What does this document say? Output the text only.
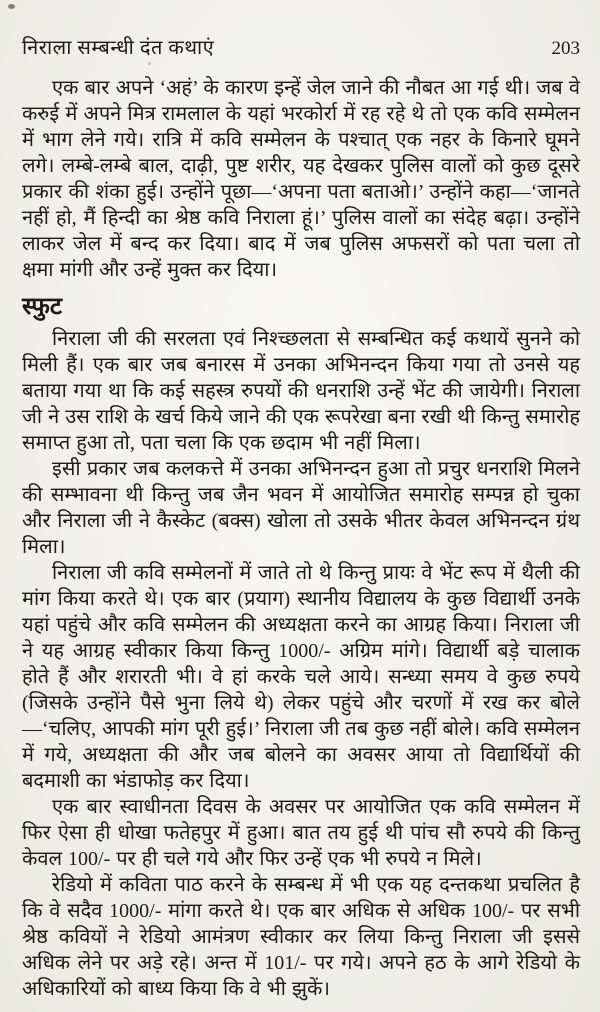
निराला सम्बन्धी दंत कथाएं	203

एक बार अपने ‘अहं’ के कारण इन्हें जेल जाने की नौबत आ गई थी। जब वे करुई में अपने मित्र रामलाल के यहां भरकोर्रा में रह रहे थे तो एक कवि सम्मेलन में भाग लेने गये। रात्रि में कवि सम्मेलन के पश्चात् एक नहर के किनारे घूमने लगे। लम्बे-लम्बे बाल, दाढ़ी, पुष्ट शरीर, यह देखकर पुलिस वालों को कुछ दूसरे प्रकार की शंका हुई। उन्होंने पूछा—‘अपना पता बताओ।’ उन्होंने कहा—‘जानते नहीं हो, मैं हिन्दी का श्रेष्ठ कवि निराला हूं।’ पुलिस वालों का संदेह बढ़ा। उन्होंने लाकर जेल में बन्द कर दिया। बाद में जब पुलिस अफसरों को पता चला तो क्षमा मांगी और उन्हें मुक्त कर दिया।

स्फुट

निराला जी की सरलता एवं निश्च्छलता से सम्बन्धित कई कथायें सुनने को मिली हैं। एक बार जब बनारस में उनका अभिनन्दन किया गया तो उनसे यह बताया गया था कि कई सहस्त्र रुपयों की धनराशि उन्हें भेंट की जायेगी। निराला जी ने उस राशि के खर्च किये जाने की एक रूपरेखा बना रखी थी किन्तु समारोह समाप्त हुआ तो, पता चला कि एक छदाम भी नहीं मिला।

इसी प्रकार जब कलकत्ते में उनका अभिनन्दन हुआ तो प्रचुर धनराशि मिलने की सम्भावना थी किन्तु जब जैन भवन में आयोजित समारोह सम्पन्न हो चुका और निराला जी ने कैस्केट (बक्स) खोला तो उसके भीतर केवल अभिनन्दन ग्रंथ मिला।

निराला जी कवि सम्मेलनों में जाते तो थे किन्तु प्रायः वे भेंट रूप में थैली की मांग किया करते थे। एक बार (प्रयाग) स्थानीय विद्यालय के कुछ विद्यार्थी उनके यहां पहुंचे और कवि सम्मेलन की अध्यक्षता करने का आग्रह किया। निराला जी ने यह आग्रह स्वीकार किया किन्तु 1000/- अग्रिम मांगे। विद्यार्थी बड़े चालाक होते हैं और शरारती भी। वे हां करके चले आये। सन्ध्या समय वे कुछ रुपये (जिसके उन्होंने पैसे भुना लिये थे) लेकर पहुंचे और चरणों में रख कर बोले—‘चलिए, आपकी मांग पूरी हुई।’ निराला जी तब कुछ नहीं बोले। कवि सम्मेलन में गये, अध्यक्षता की और जब बोलने का अवसर आया तो विद्यार्थियों की बदमाशी का भंडाफोड़ कर दिया।

एक बार स्वाधीनता दिवस के अवसर पर आयोजित एक कवि सम्मेलन में फिर ऐसा ही धोखा फतेहपुर में हुआ। बात तय हुई थी पांच सौ रुपये की किन्तु केवल 100/- पर ही चले गये और फिर उन्हें एक भी रुपये न मिले।

रेडियो में कविता पाठ करने के सम्बन्ध में भी एक यह दन्तकथा प्रचलित है कि वे सदैव 1000/- मांगा करते थे। एक बार अधिक से अधिक 100/- पर सभी श्रेष्ठ कवियों ने रेडियो आमंत्रण स्वीकार कर लिया किन्तु निराला जी इससे अधिक लेने पर अड़े रहे। अन्त में 101/- पर गये। अपने हठ के आगे रेडियो के अधिकारियों को बाध्य किया कि वे भी झुकें।
